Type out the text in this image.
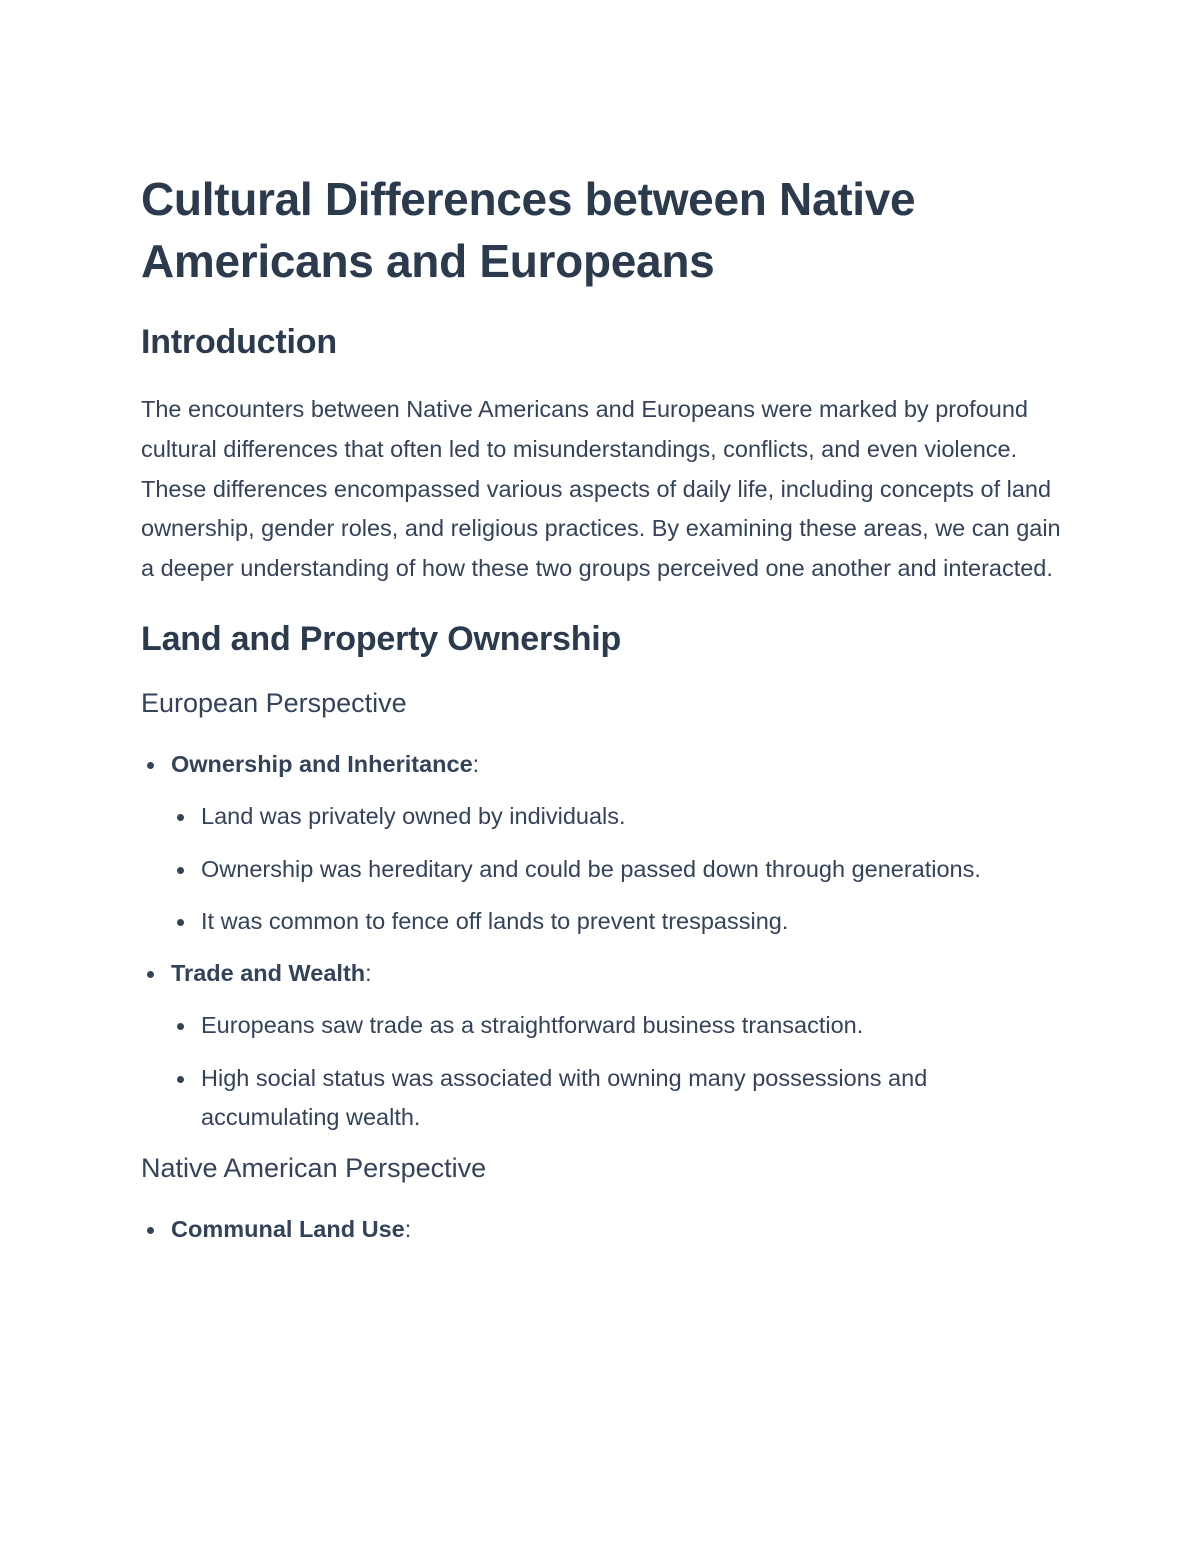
Cultural Differences between Native Americans and Europeans
Introduction

The encounters between Native Americans and Europeans were marked by profound cultural differences that often led to misunderstandings, conflicts, and even violence. These differences encompassed various aspects of daily life, including concepts of land ownership, gender roles, and religious practices. By examining these areas, we can gain a deeper understanding of how these two groups perceived one another and interacted.

Land and Property Ownership
European Perspective
Ownership and Inheritance:
Land was privately owned by individuals.
Ownership was hereditary and could be passed down through generations.
It was common to fence off lands to prevent trespassing.
Trade and Wealth:
Europeans saw trade as a straightforward business transaction.
High social status was associated with owning many possessions and accumulating wealth.
Native American Perspective
Communal Land Use:
